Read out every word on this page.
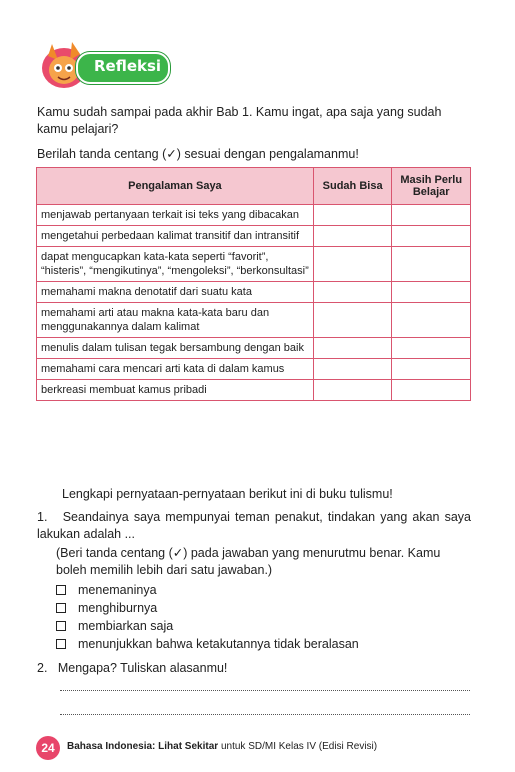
Refleksi
Kamu sudah sampai pada akhir Bab 1. Kamu ingat, apa saja yang sudah kamu pelajari?
Berilah tanda centang (✓) sesuai dengan pengalamanmu!
Pengalaman Saya	Sudah Bisa	Masih Perlu Belajar
menjawab pertanyaan terkait isi teks yang dibacakan		
mengetahui perbedaan kalimat transitif dan intransitif		
dapat mengucapkan kata-kata seperti “favorit”, “histeris”, “mengikutinya”, “mengoleksi”, “berkonsultasi”		
memahami makna denotatif dari suatu kata		
memahami arti atau makna kata-kata baru dan menggunakannya dalam kalimat		
menulis dalam tulisan tegak bersambung dengan baik		
memahami cara mencari arti kata di dalam kamus		
berkreasi membuat kamus pribadi		
Lengkapi pernyataan-pernyataan berikut ini di buku tulismu!
1. Seandainya saya mempunyai teman penakut, tindakan yang akan saya lakukan adalah ...
(Beri tanda centang (✓) pada jawaban yang menurutmu benar. Kamu boleh memilih lebih dari satu jawaban.)
menemaninya
menghiburnya
membiarkan saja
menunjukkan bahwa ketakutannya tidak beralasan
2. Mengapa? Tuliskan alasanmu!
24	Bahasa Indonesia: Lihat Sekitar untuk SD/MI Kelas IV (Edisi Revisi)
